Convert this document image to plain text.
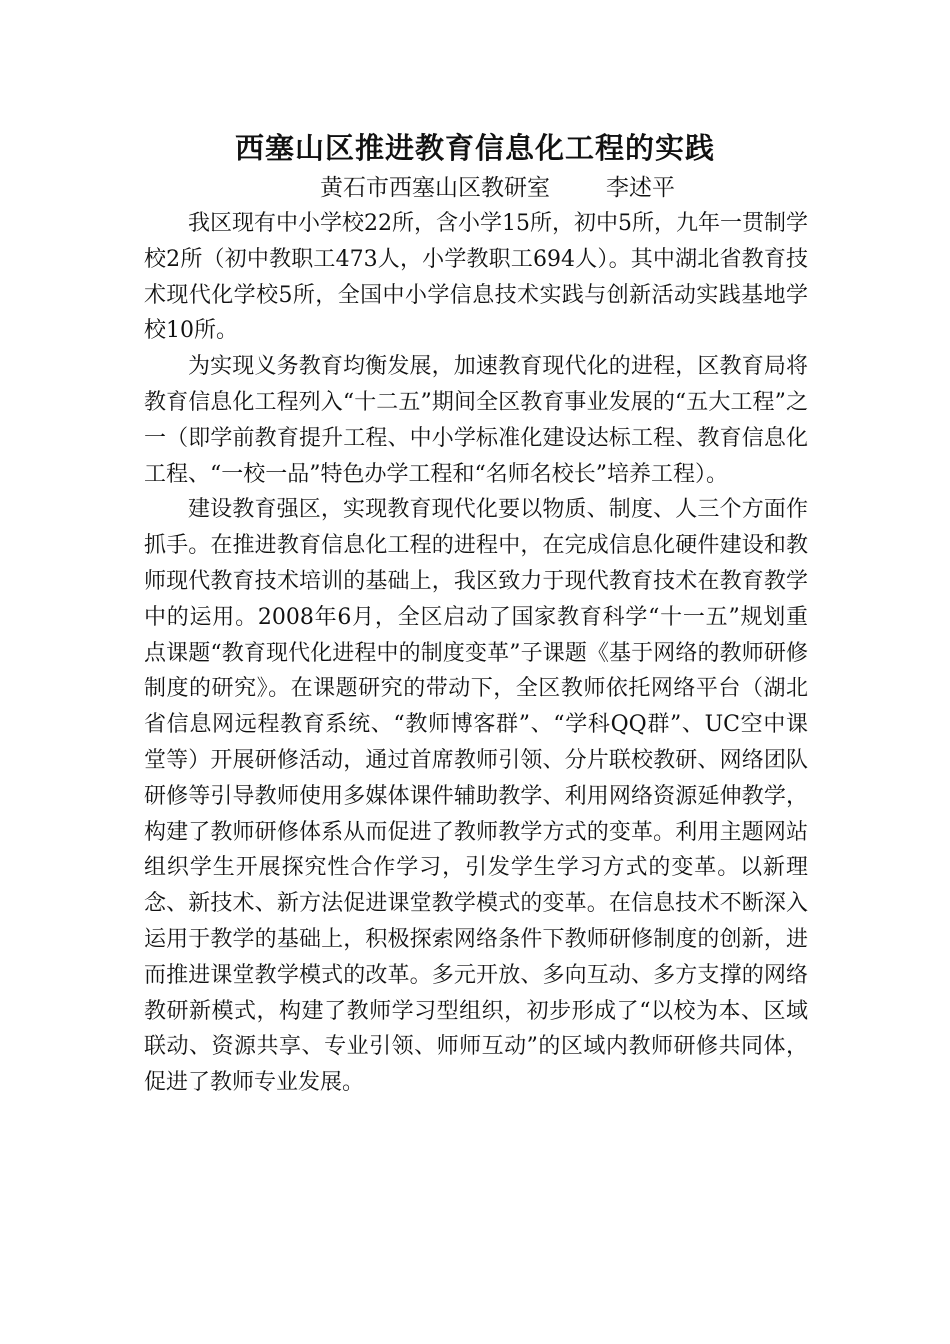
西塞山区推进教育信息化工程的实践
黄石市西塞山区教研室 李述平

我区现有中小学校22所，含小学15所，初中5所，九年一贯制学校2所（初中教职工473人，小学教职工694人）。其中湖北省教育技术现代化学校5所，全国中小学信息技术实践与创新活动实践基地学校10所。

为实现义务教育均衡发展，加速教育现代化的进程，区教育局将教育信息化工程列入“十二五”期间全区教育事业发展的“五大工程”之一（即学前教育提升工程、中小学标准化建设达标工程、教育信息化工程、“一校一品”特色办学工程和“名师名校长”培养工程）。

建设教育强区，实现教育现代化要以物质、制度、人三个方面作抓手。在推进教育信息化工程的进程中，在完成信息化硬件建设和教师现代教育技术培训的基础上，我区致力于现代教育技术在教育教学中的运用。2008年6月，全区启动了国家教育科学“十一五”规划重点课题“教育现代化进程中的制度变革”子课题《基于网络的教师研修制度的研究》。在课题研究的带动下，全区教师依托网络平台（湖北省信息网远程教育系统、“教师博客群”、“学科QQ群”、UC空中课堂等）开展研修活动，通过首席教师引领、分片联校教研、网络团队研修等引导教师使用多媒体课件辅助教学、利用网络资源延伸教学，构建了教师研修体系从而促进了教师教学方式的变革。利用主题网站组织学生开展探究性合作学习，引发学生学习方式的变革。以新理念、新技术、新方法促进课堂教学模式的变革。在信息技术不断深入运用于教学的基础上，积极探索网络条件下教师研修制度的创新，进而推进课堂教学模式的改革。多元开放、多向互动、多方支撑的网络教研新模式，构建了教师学习型组织，初步形成了“以校为本、区域联动、资源共享、专业引领、师师互动”的区域内教师研修共同体，促进了教师专业发展。
